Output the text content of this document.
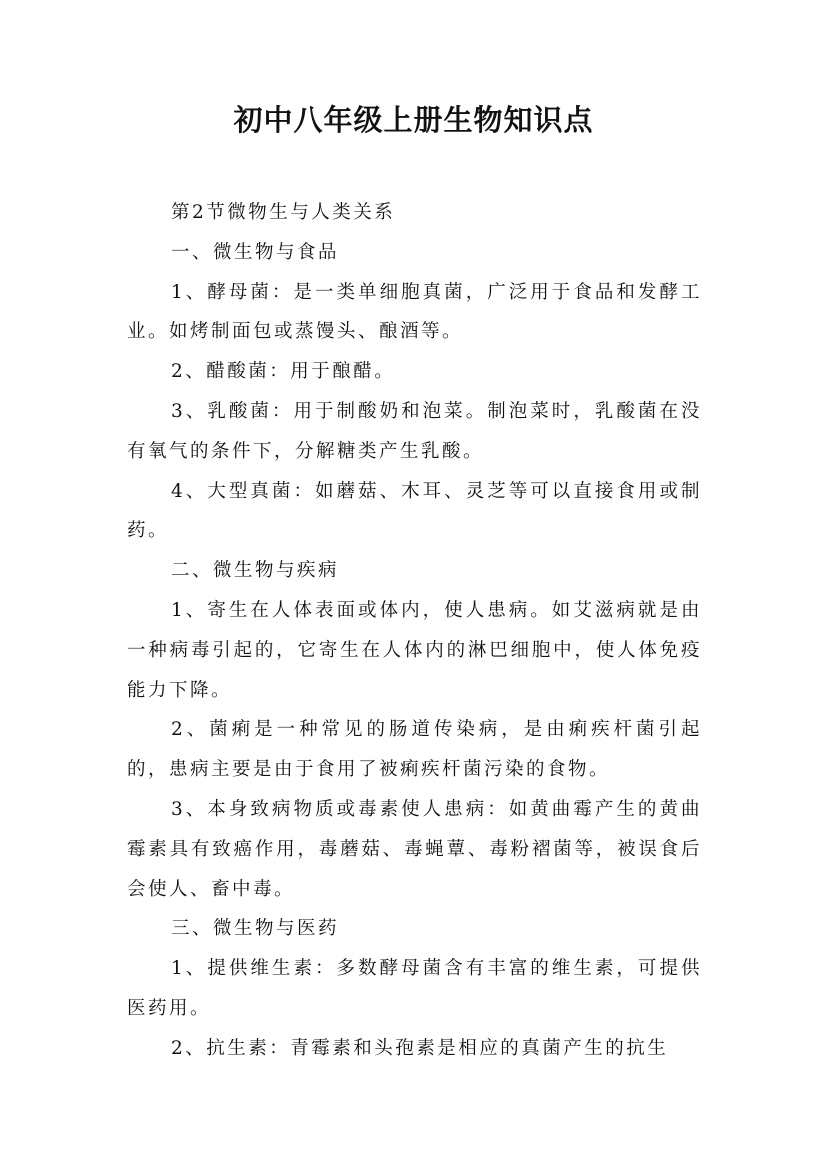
初中八年级上册生物知识点

第2节微物生与人类关系

一、微生物与食品

1、酵母菌：是一类单细胞真菌，广泛用于食品和发酵工业。如烤制面包或蒸馒头、酿酒等。

2、醋酸菌：用于酿醋。

3、乳酸菌：用于制酸奶和泡菜。制泡菜时，乳酸菌在没有氧气的条件下，分解糖类产生乳酸。

4、大型真菌：如蘑菇、木耳、灵芝等可以直接食用或制药。

二、微生物与疾病

1、寄生在人体表面或体内，使人患病。如艾滋病就是由一种病毒引起的，它寄生在人体内的淋巴细胞中，使人体免疫能力下降。

2、菌痢是一种常见的肠道传染病，是由痢疾杆菌引起的，患病主要是由于食用了被痢疾杆菌污染的食物。

3、本身致病物质或毒素使人患病：如黄曲霉产生的黄曲霉素具有致癌作用，毒蘑菇、毒蝇蕈、毒粉褶菌等，被误食后会使人、畜中毒。

三、微生物与医药

1、提供维生素：多数酵母菌含有丰富的维生素，可提供医药用。

2、抗生素：青霉素和头孢素是相应的真菌产生的抗生
